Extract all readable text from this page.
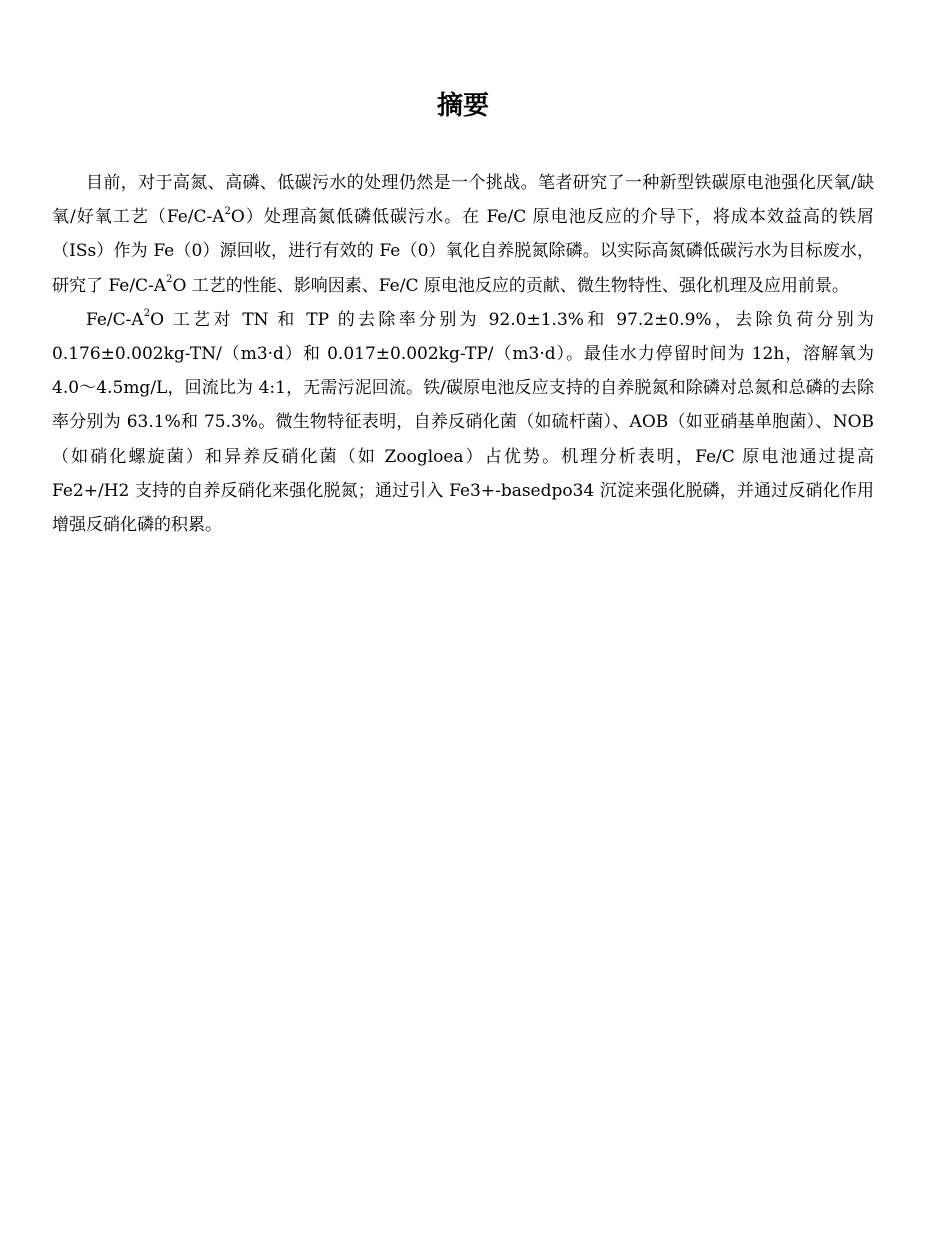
摘要

目前，对于高氮、高磷、低碳污水的处理仍然是一个挑战。笔者研究了一种新型铁碳原电池强化厌氧/缺氧/好氧工艺$(Fe/C-A^2O)$处理高氮低磷低碳污水。在 Fe/C 原电池反应的介导下，将成本效益高的铁屑（ISs）作为 Fe（0）源回收，进行有效的 Fe（0）氧化自养脱氮除磷。以实际高氮磷低碳污水为目标废水，研究了 $Fe/C-A^2O$ 工艺的性能、影响因素、Fe/C 原电池反应的贡献、微生物特性、强化机理及应用前景。

$Fe/C-A^2O$ 工艺对 TN 和 TP 的去除率分别为 92.0±1.3%和 97.2±0.9%，去除负荷分别为 0.176±0.002kg-TN/（m3·d）和 0.017±0.002kg-TP/（m3·d）。最佳水力停留时间为 12h，溶解氧为 4.0～4.5mg/L，回流比为 4:1，无需污泥回流。铁/碳原电池反应支持的自养脱氮和除磷对总氮和总磷的去除率分别为 63.1%和 75.3%。微生物特征表明，自养反硝化菌（如硫杆菌）、AOB（如亚硝基单胞菌）、NOB（如硝化螺旋菌）和异养反硝化菌（如 Zoogloea）占优势。机理分析表明，Fe/C 原电池通过提高 Fe2+/H2 支持的自养反硝化来强化脱氮；通过引入 Fe3+-basedpo34 沉淀来强化脱磷，并通过反硝化作用增强反硝化磷的积累。
